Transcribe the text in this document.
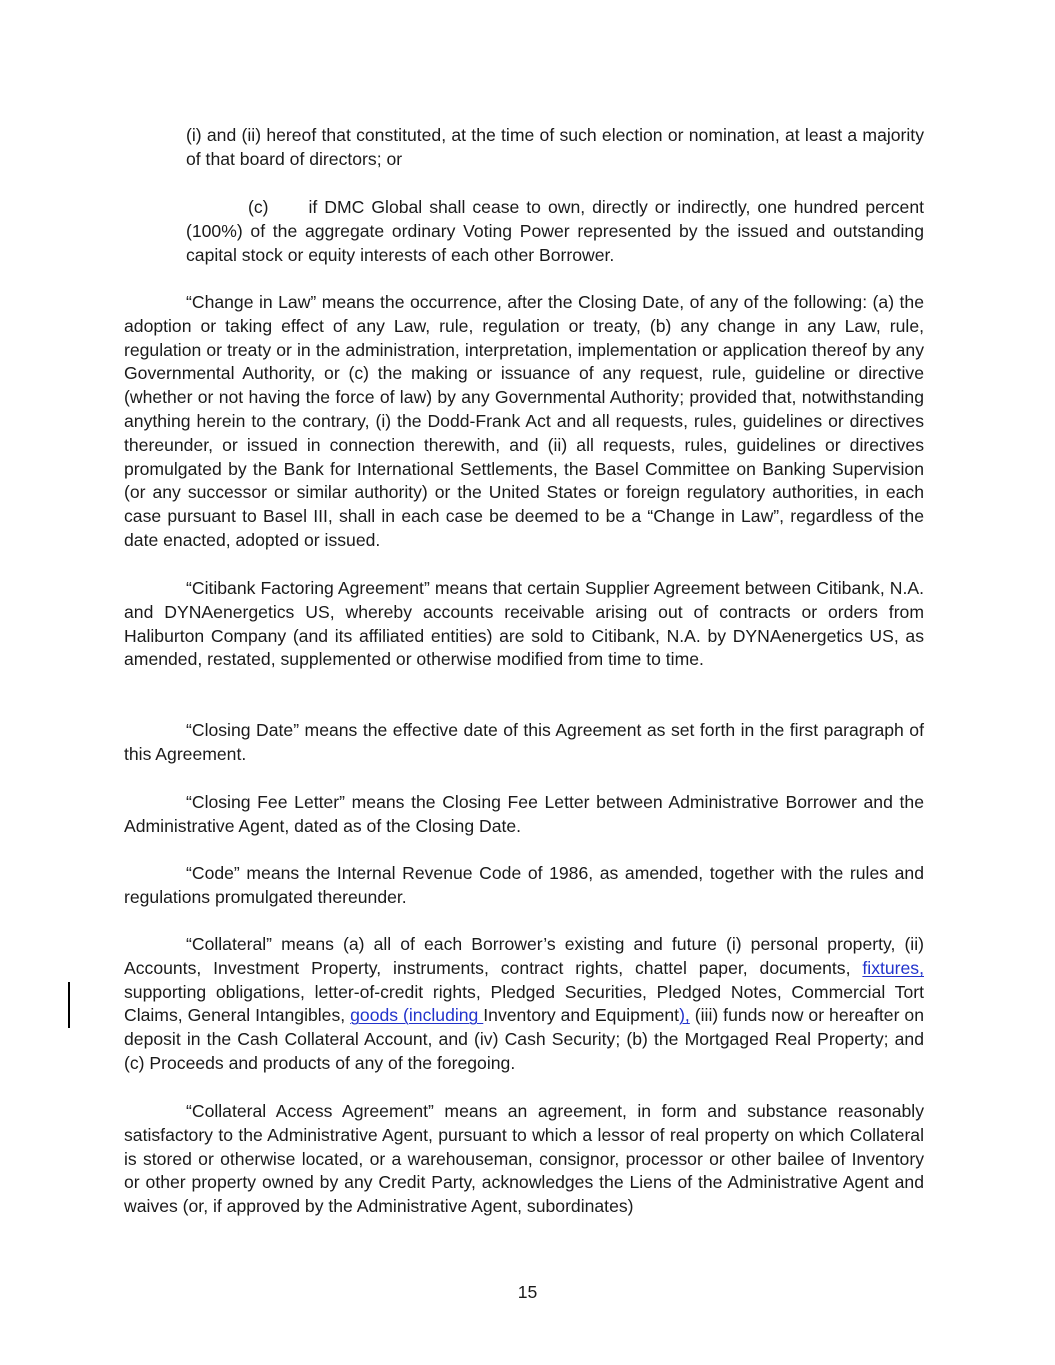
(i) and (ii) hereof that constituted, at the time of such election or nomination, at least a majority of that board of directors; or

(c) if DMC Global shall cease to own, directly or indirectly, one hundred percent (100%) of the aggregate ordinary Voting Power represented by the issued and outstanding capital stock or equity interests of each other Borrower.

“Change in Law” means the occurrence, after the Closing Date, of any of the following: (a) the adoption or taking effect of any Law, rule, regulation or treaty, (b) any change in any Law, rule, regulation or treaty or in the administration, interpretation, implementation or application thereof by any Governmental Authority, or (c) the making or issuance of any request, rule, guideline or directive (whether or not having the force of law) by any Governmental Authority; provided that, notwithstanding anything herein to the contrary, (i) the Dodd-Frank Act and all requests, rules, guidelines or directives thereunder, or issued in connection therewith, and (ii) all requests, rules, guidelines or directives promulgated by the Bank for International Settlements, the Basel Committee on Banking Supervision (or any successor or similar authority) or the United States or foreign regulatory authorities, in each case pursuant to Basel III, shall in each case be deemed to be a “Change in Law”, regardless of the date enacted, adopted or issued.

“Citibank Factoring Agreement” means that certain Supplier Agreement between Citibank, N.A. and DYNAenergetics US, whereby accounts receivable arising out of contracts or orders from Haliburton Company (and its affiliated entities) are sold to Citibank, N.A. by DYNAenergetics US, as amended, restated, supplemented or otherwise modified from time to time.

“Closing Date” means the effective date of this Agreement as set forth in the first paragraph of this Agreement.

“Closing Fee Letter” means the Closing Fee Letter between Administrative Borrower and the Administrative Agent, dated as of the Closing Date.

“Code” means the Internal Revenue Code of 1986, as amended, together with the rules and regulations promulgated thereunder.

“Collateral” means (a) all of each Borrower’s existing and future (i) personal property, (ii) Accounts, Investment Property, instruments, contract rights, chattel paper, documents, fixtures, supporting obligations, letter-of-credit rights, Pledged Securities, Pledged Notes, Commercial Tort Claims, General Intangibles, goods (including Inventory and Equipment), (iii) funds now or hereafter on deposit in the Cash Collateral Account, and (iv) Cash Security; (b) the Mortgaged Real Property; and (c) Proceeds and products of any of the foregoing.

“Collateral Access Agreement” means an agreement, in form and substance reasonably satisfactory to the Administrative Agent, pursuant to which a lessor of real property on which Collateral is stored or otherwise located, or a warehouseman, consignor, processor or other bailee of Inventory or other property owned by any Credit Party, acknowledges the Liens of the Administrative Agent and waives (or, if approved by the Administrative Agent, subordinates)

15
